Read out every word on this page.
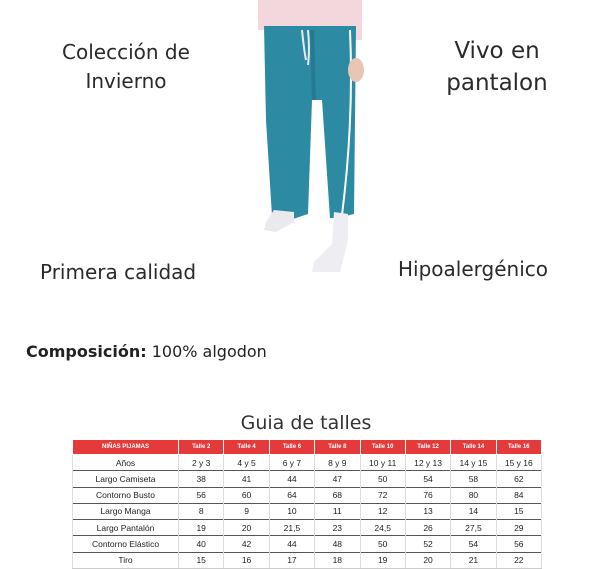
Colección de Invierno
Vivo en pantalon
Primera calidad	Hipoalergénico
Composición: 100% algodon
Guia de talles
NIÑAS PIJAMAS	Talle 2	Talle 4	Talle 6	Talle 8	Talle 10	Talle 12	Talle 14	Talle 16
Años	2 y 3	4 y 5	6 y 7	8 y 9	10 y 11	12 y 13	14 y 15	15 y 16
Largo Camiseta	38	41	44	47	50	54	58	62
Contorno Busto	56	60	64	68	72	76	80	84
Largo Manga	8	9	10	11	12	13	14	15
Largo Pantalón	19	20	21,5	23	24,5	26	27,5	29
Contorno Elástico	40	42	44	48	50	52	54	56
Tiro	15	16	17	18	19	20	21	22
